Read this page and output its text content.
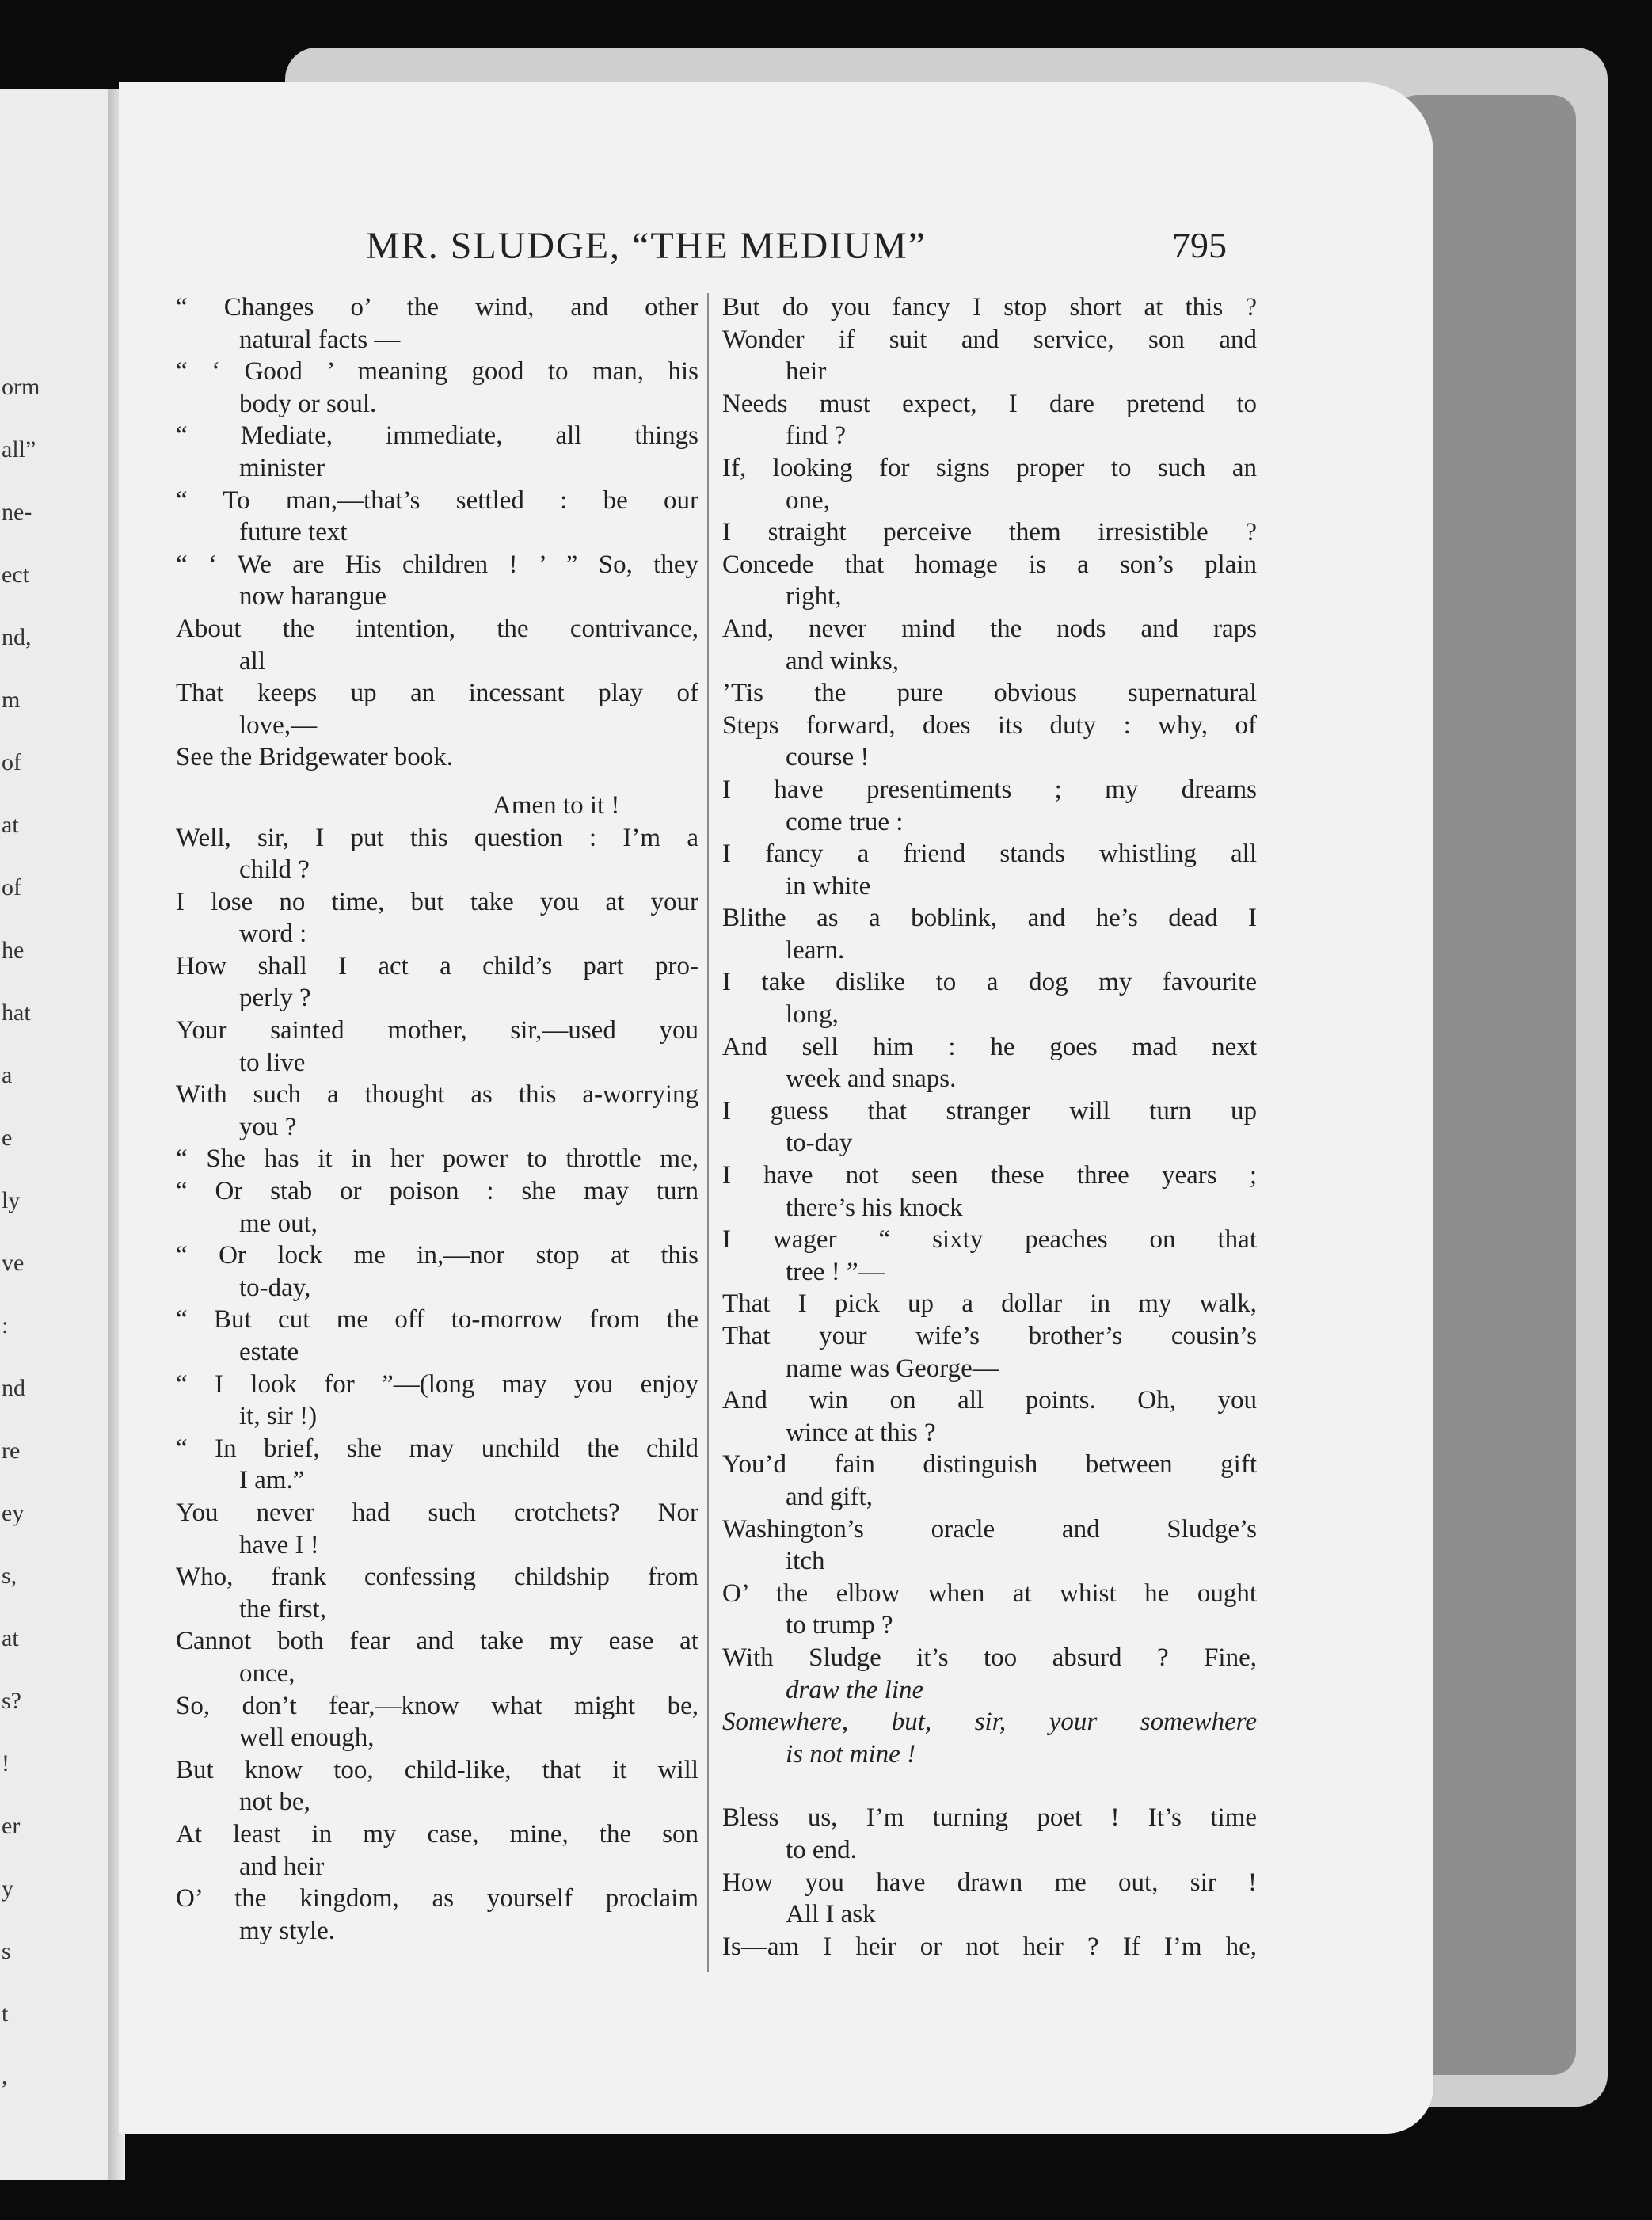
orm
all”
ne-
ect
nd,
m
of
at
of
he
hat
a
e
ly
ve
:
nd
re
ey
s,
at
s?
!
er
y
s
t
,
MR. SLUDGE, “THE MEDIUM”	795
“ Changes o’ the wind, and other
natural facts —
“ ‘ Good ’ meaning good to man, his
body or soul.
“ Mediate, immediate, all things
minister
“ To man,—that’s settled : be our
future text
“ ‘ We are His children ! ’ ” So, they
now harangue
About the intention, the contrivance,
all
That keeps up an incessant play of
love,—
See the Bridgewater book.
Amen to it !
Well, sir, I put this question : I’m a
child ?
I lose no time, but take you at your
word :
How shall I act a child’s part pro-
perly ?
Your sainted mother, sir,—used you
to live
With such a thought as this a-worrying
you ?
“ She has it in her power to throttle me,
“ Or stab or poison : she may turn
me out,
“ Or lock me in,—nor stop at this
to-day,
“ But cut me off to-morrow from the
estate
“ I look for ”—(long may you enjoy
it, sir !)
“ In brief, she may unchild the child
I am.”
You never had such crotchets? Nor
have I !
Who, frank confessing childship from
the first,
Cannot both fear and take my ease at
once,
So, don’t fear,—know what might be,
well enough,
But know too, child-like, that it will
not be,
At least in my case, mine, the son
and heir
O’ the kingdom, as yourself proclaim
my style.
But do you fancy I stop short at this ?
Wonder if suit and service, son and
heir
Needs must expect, I dare pretend to
find ?
If, looking for signs proper to such an
one,
I straight perceive them irresistible ?
Concede that homage is a son’s plain
right,
And, never mind the nods and raps
and winks,
’Tis the pure obvious supernatural
Steps forward, does its duty : why, of
course !
I have presentiments ; my dreams
come true :
I fancy a friend stands whistling all
in white
Blithe as a boblink, and he’s dead I
learn.
I take dislike to a dog my favourite
long,
And sell him : he goes mad next
week and snaps.
I guess that stranger will turn up
to-day
I have not seen these three years ;
there’s his knock
I wager “ sixty peaches on that
tree ! ”—
That I pick up a dollar in my walk,
That your wife’s brother’s cousin’s
name was George—
And win on all points. Oh, you
wince at this ?
You’d fain distinguish between gift
and gift,
Washington’s oracle and Sludge’s
itch
O’ the elbow when at whist he ought
to trump ?
With Sludge it’s too absurd ? Fine,
draw the line
Somewhere, but, sir, your somewhere
is not mine !
Bless us, I’m turning poet ! It’s time
to end.
How you have drawn me out, sir !
All I ask
Is—am I heir or not heir ? If I’m he,
